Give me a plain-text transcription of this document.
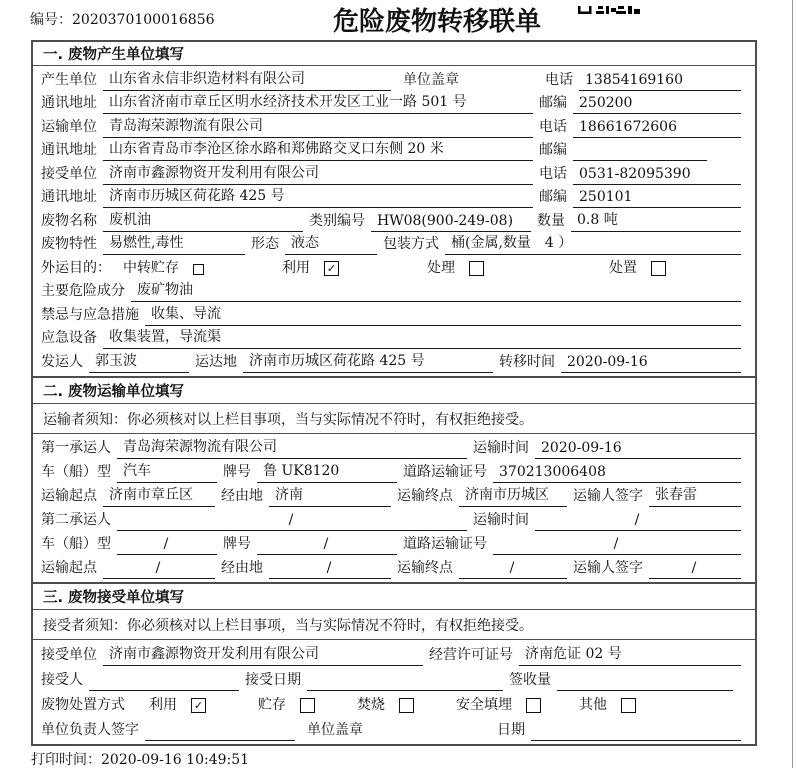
编号：2020370100016856	危险废物转移联单
一. 废物产生单位填写
产生单位 山东省永信非织造材料有限公司	单位盖章	电话 13854169160
通讯地址 山东省济南市章丘区明水经济技术开发区工业一路 501 号	邮编 250200
运输单位 青岛海荣源物流有限公司	电话 18661672606
通讯地址 山东省青岛市李沧区徐水路和郑佛路交叉口东侧 20 米	邮编
接受单位 济南市鑫源物资开发利用有限公司	电话 0531-82095390
通讯地址 济南市历城区荷花路 425 号	邮编 250101
废物名称 废机油	类别编号 HW08(900-249-08)	数量 0.8 吨
废物特性 易燃性,毒性	形态 液态	包装方式 桶(金属,数量　4 ）
外运目的： 中转贮存	利用	✓	处理	处置
主要危险成分 废矿物油
禁忌与应急措施 收集、导流
应急设备 收集装置，导流渠
发运人 郭玉波	运达地 济南市历城区荷花路 425 号	转移时间 2020-09-16
二. 废物运输单位填写
运输者须知：你必须核对以上栏目事项，当与实际情况不符时，有权拒绝接受。
第一承运人 青岛海荣源物流有限公司	运输时间 2020-09-16
车（船）型 汽车	牌号 鲁 UK8120	道路运输证号 370213006408
运输起点 济南市章丘区	经由地 济南	运输终点 济南市历城区	运输人签字 张春雷
第二承运人	/	运输时间	/
车（船）型	/	牌号	/	道路运输证号	/
运输起点	/	经由地	/	运输终点	/	运输人签字	/
三. 废物接受单位填写
接受者须知：你必须核对以上栏目事项，当与实际情况不符时，有权拒绝接受。
接受单位 济南市鑫源物资开发利用有限公司	经营许可证号 济南危证 02 号
接受人	接受日期	签收量
废物处置方式	利用	✓	贮存	焚烧	安全填埋	其他
单位负责人签字	单位盖章	日期
打印时间：2020-09-16 10:49:51
